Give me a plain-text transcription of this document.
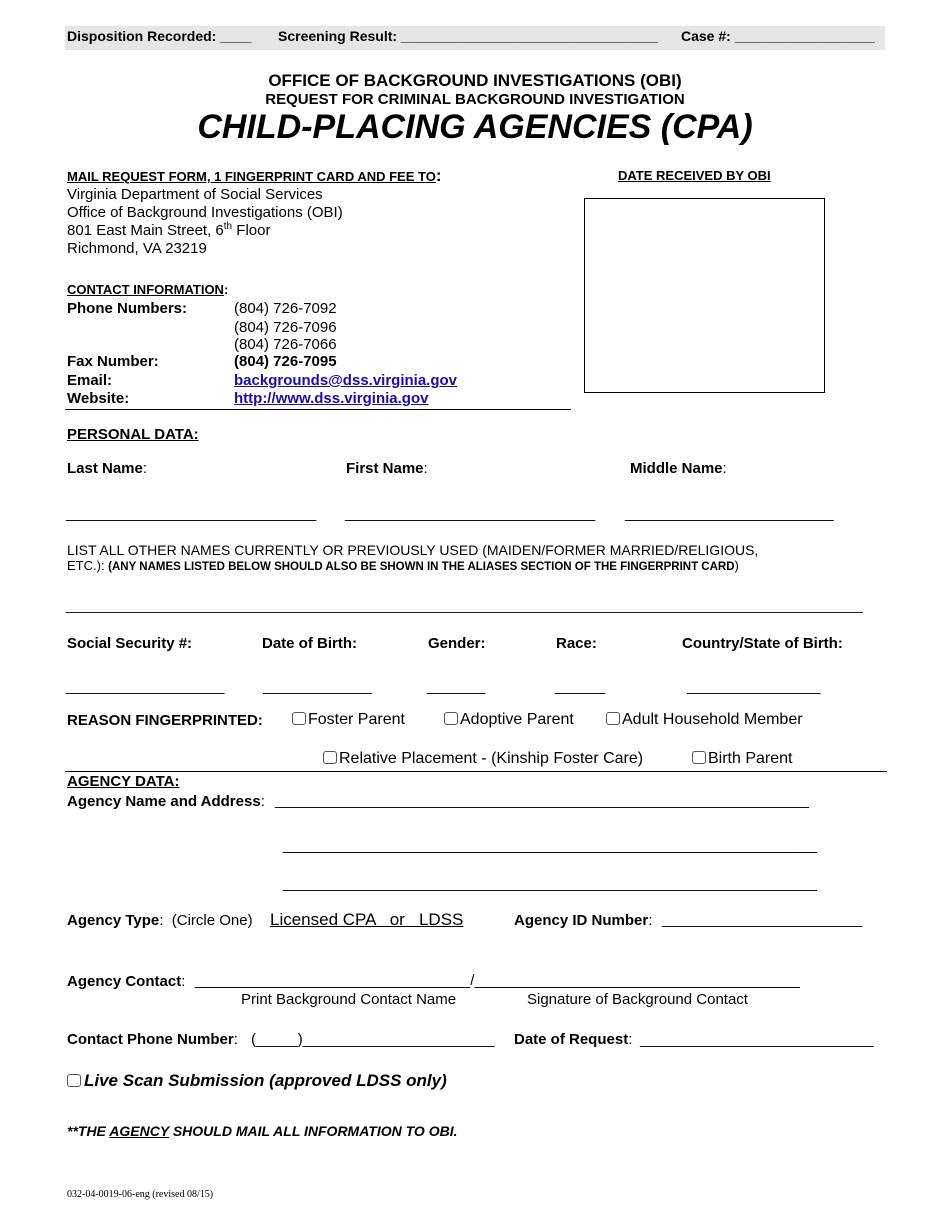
Disposition Recorded: ____ Screening Result: _________________________________ Case #: __________________
OFFICE OF BACKGROUND INVESTIGATIONS (OBI)
REQUEST FOR CRIMINAL BACKGROUND INVESTIGATION
CHILD-PLACING AGENCIES (CPA)
MAIL REQUEST FORM, 1 FINGERPRINT CARD AND FEE TO:
Virginia Department of Social Services
Office of Background Investigations (OBI)
801 East Main Street, 6th Floor
Richmond, VA 23219
DATE RECEIVED BY OBI
CONTACT INFORMATION:
Phone Numbers:	(804) 726-7092
(804) 726-7096
(804) 726-7066
Fax Number:	(804) 726-7095
Email:	backgrounds@dss.virginia.gov
Website:	http://www.dss.virginia.gov
PERSONAL DATA:
Last Name:	First Name:	Middle Name:
______________________________ ______________________________ _________________________
LIST ALL OTHER NAMES CURRENTLY OR PREVIOUSLY USED (MAIDEN/FORMER MARRIED/RELIGIOUS,
ETC.): (ANY NAMES LISTED BELOW SHOULD ALSO BE SHOWN IN THE ALIASES SECTION OF THE FINGERPRINT CARD)
_____________________________________________________________________________________________________
Social Security #:	Date of Birth:	Gender:	Race:	Country/State of Birth:
___________________	_____________	_______	______	________________
REASON FINGERPRINTED:	Foster Parent	Adoptive Parent	Adult Household Member
Relative Placement - (Kinship Foster Care)	Birth Parent
AGENCY DATA:
Agency Name and Address: ________________________________________________________________
________________________________________________________________
________________________________________________________________
Agency Type: (Circle One) Licensed CPA   or   LDSS	Agency ID Number: ________________________
Agency Contact: _________________________________/_______________________________________
Print Background Contact Name	Signature of Background Contact
Contact Phone Number: (_____)_______________________ Date of Request: ____________________________
Live Scan Submission (approved LDSS only)
**THE AGENCY SHOULD MAIL ALL INFORMATION TO OBI.
032-04-0019-06-eng (revised 08/15)
